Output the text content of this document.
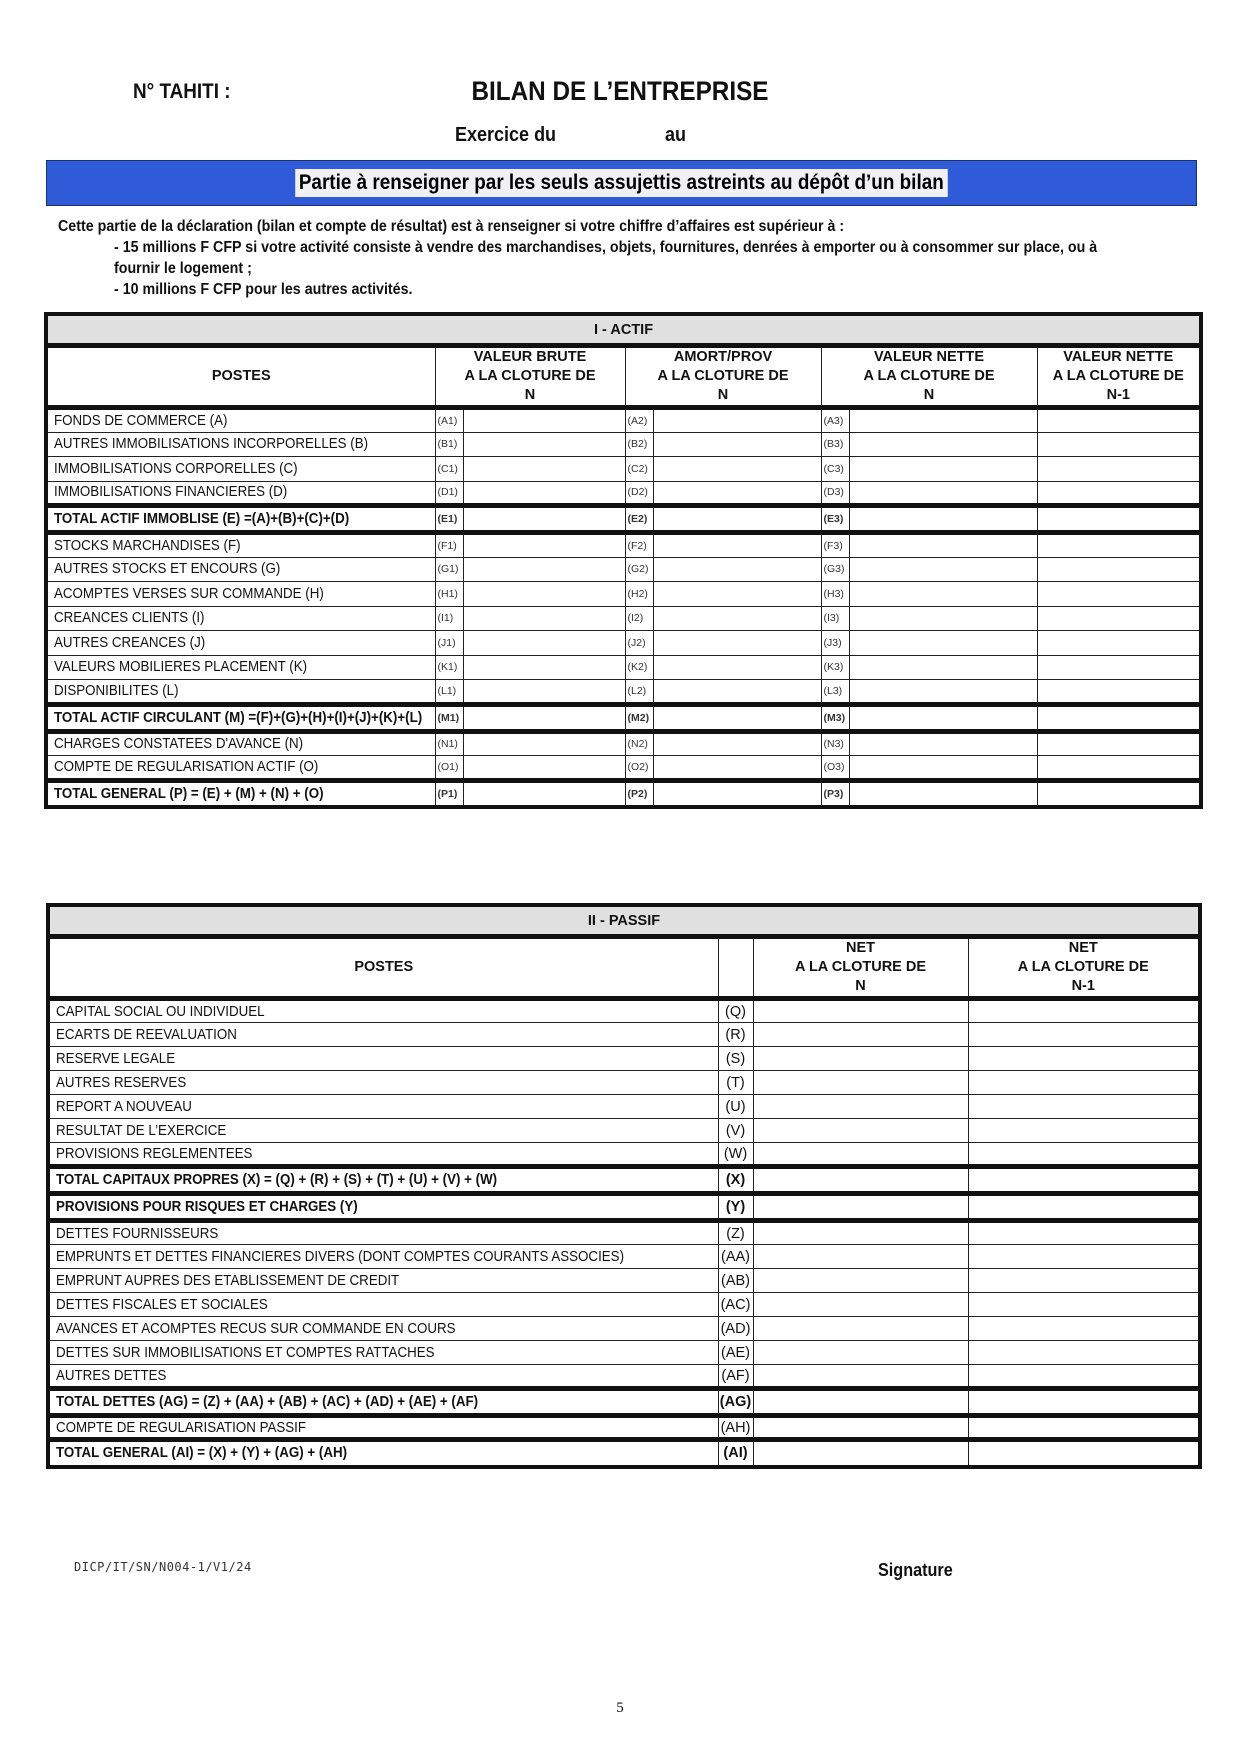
N° TAHITI :	BILAN DE L’ENTREPRISE
Exercice du	au
Partie à renseigner par les seuls assujettis astreints au dépôt d’un bilan
Cette partie de la déclaration (bilan et compte de résultat) est à renseigner si votre chiffre d’affaires est supérieur à :
- 15 millions F CFP si votre activité consiste à vendre des marchandises, objets, fournitures, denrées à emporter ou à consommer sur place, ou à
fournir le logement ;
- 10 millions F CFP pour les autres activités.
I - ACTIF							
POSTES	
VALEUR BRUTE
A LA CLOTURE DE
N

AMORT/PROV
A LA CLOTURE DE
N

VALEUR NETTE
A LA CLOTURE DE
N

VALEUR NETTE
A LA CLOTURE DE
N-1

FONDS DE COMMERCE (A)	(A1)		(A2)		(A3)		
AUTRES IMMOBILISATIONS INCORPORELLES (B)	(B1)		(B2)		(B3)		
IMMOBILISATIONS CORPORELLES (C)	(C1)		(C2)		(C3)		
IMMOBILISATIONS FINANCIERES (D)	(D1)		(D2)		(D3)		
TOTAL ACTIF IMMOBLISE (E) =(A)+(B)+(C)+(D)	(E1)		(E2)		(E3)		
STOCKS MARCHANDISES (F)	(F1)		(F2)		(F3)		
AUTRES STOCKS ET ENCOURS (G)	(G1)		(G2)		(G3)		
ACOMPTES VERSES SUR COMMANDE (H)	(H1)		(H2)		(H3)		
CREANCES CLIENTS (I)	(I1)		(I2)		(I3)		
AUTRES CREANCES (J)	(J1)		(J2)		(J3)		
VALEURS MOBILIERES PLACEMENT (K)	(K1)		(K2)		(K3)		
DISPONIBILITES (L)	(L1)		(L2)		(L3)		
TOTAL ACTIF CIRCULANT (M) =(F)+(G)+(H)+(I)+(J)+(K)+(L)	(M1)		(M2)		(M3)		
CHARGES CONSTATEES D'AVANCE (N)	(N1)		(N2)		(N3)		
COMPTE DE REGULARISATION ACTIF (O)	(O1)		(O2)		(O3)		
TOTAL GENERAL (P) = (E) + (M) + (N) + (O)	(P1)		(P2)		(P3)		
II - PASSIF			
POSTES		
NET
A LA CLOTURE DE
N

NET
A LA CLOTURE DE
N-1

CAPITAL SOCIAL OU INDIVIDUEL	(Q)		
ECARTS DE REEVALUATION	(R)		
RESERVE LEGALE	(S)		
AUTRES RESERVES	(T)		
REPORT A NOUVEAU	(U)		
RESULTAT DE L’EXERCICE	(V)		
PROVISIONS REGLEMENTEES	(W)		
TOTAL CAPITAUX PROPRES (X) = (Q) + (R) + (S) + (T) + (U) + (V) + (W)	(X)		
PROVISIONS POUR RISQUES ET CHARGES (Y)	(Y)		
DETTES FOURNISSEURS	(Z)		
EMPRUNTS ET DETTES FINANCIERES DIVERS (DONT COMPTES COURANTS ASSOCIES)	(AA)		
EMPRUNT AUPRES DES ETABLISSEMENT DE CREDIT	(AB)		
DETTES FISCALES ET SOCIALES	(AC)		
AVANCES ET ACOMPTES RECUS SUR COMMANDE EN COURS	(AD)		
DETTES SUR IMMOBILISATIONS ET COMPTES RATTACHES	(AE)		
AUTRES DETTES	(AF)		
TOTAL DETTES (AG) = (Z) + (AA) + (AB) + (AC) + (AD) + (AE) + (AF)	(AG)		
COMPTE DE REGULARISATION PASSIF	(AH)		
TOTAL GENERAL (AI) = (X) + (Y) + (AG) + (AH)	(AI)		
DICP/IT/SN/N004-1/V1/24	Signature
5
